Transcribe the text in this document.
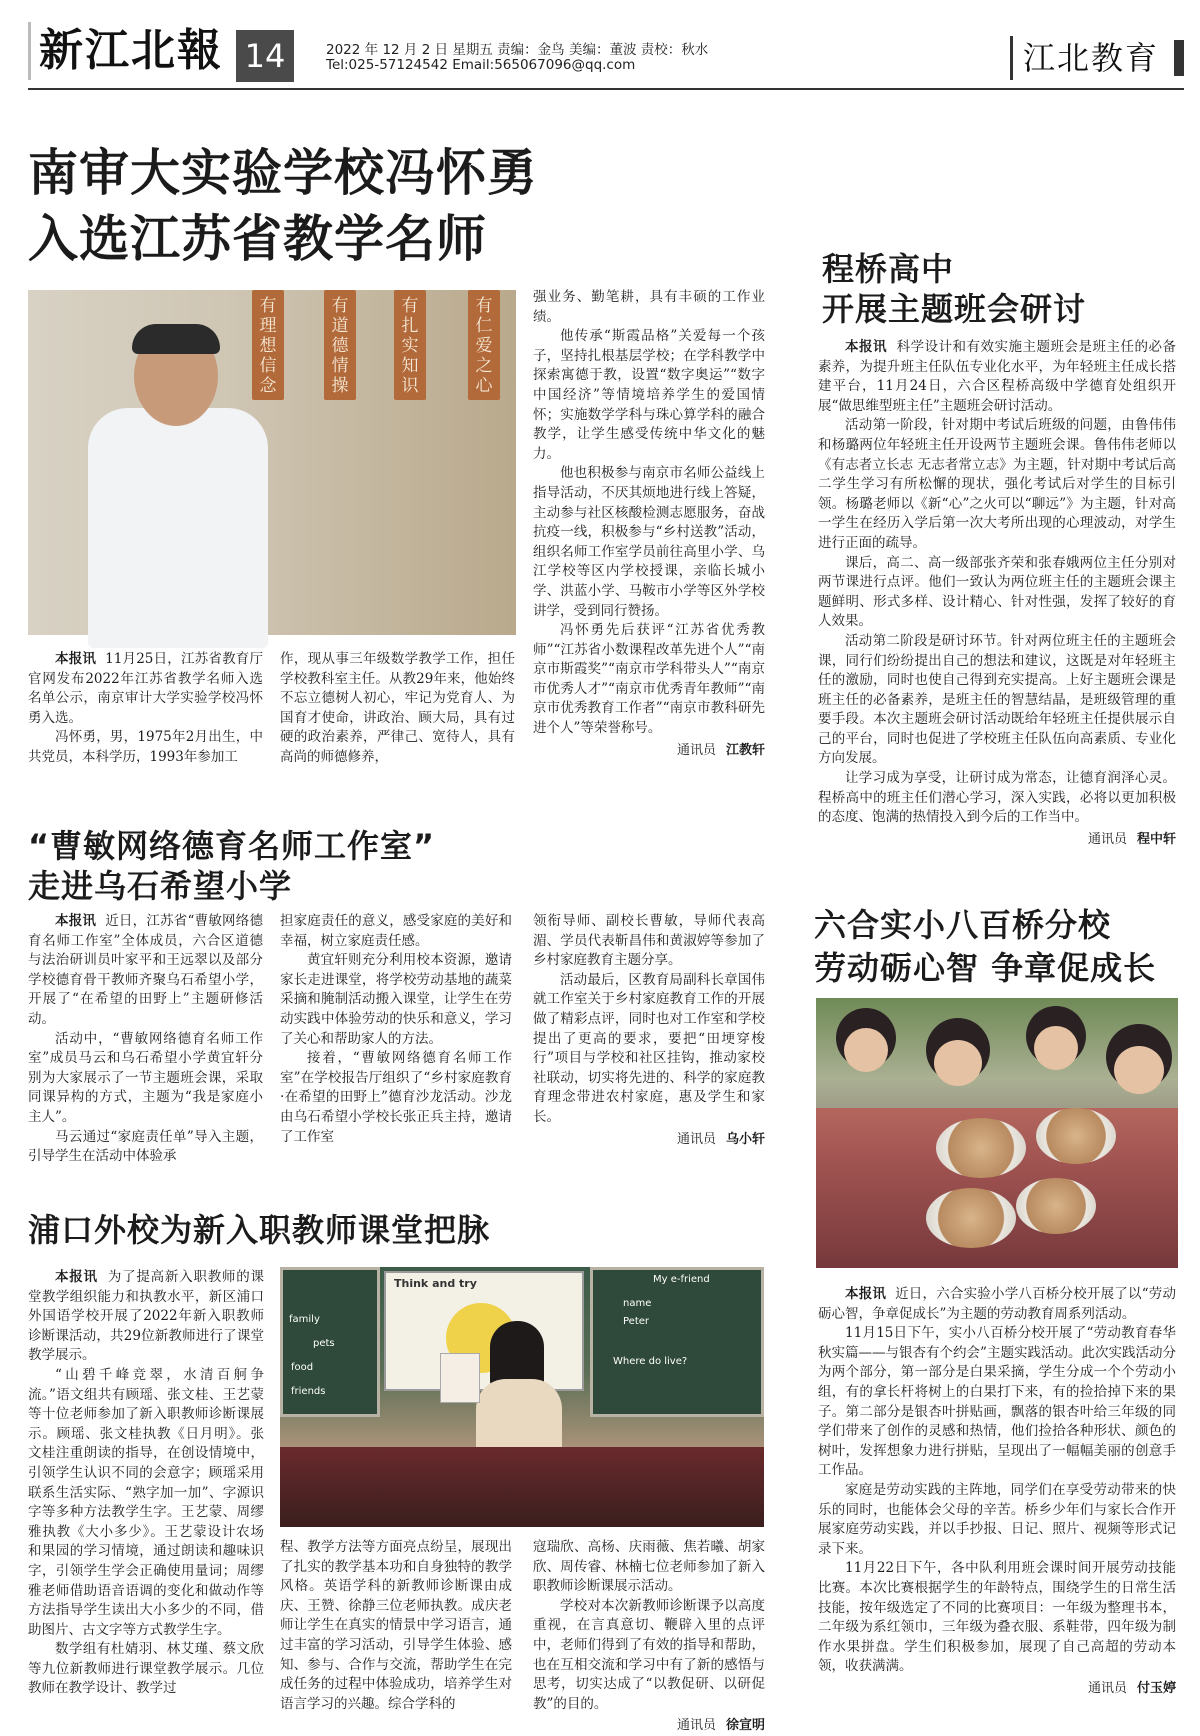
新江北報 14	2022 年 12 月 2 日 星期五 责编：金鸟 美编：董波 责校：秋水
Tel:025-57124542 Email:565067096@qq.com	江北教育
南审大实验学校冯怀勇
入选江苏省教学名师
有理想信念
有道德情操
有扎实知识
有仁爱之心

本报讯 11月25日，江苏省教育厅官网发布2022年江苏省教学名师入选名单公示，南京审计大学实验学校冯怀勇入选。

冯怀勇，男，1975年2月出生，中共党员，本科学历，1993年参加工

作，现从事三年级数学教学工作，担任学校教科室主任。从教29年来，他始终不忘立德树人初心，牢记为党育人、为国育才使命，讲政治、顾大局，具有过硬的政治素养，严律己、宽待人，具有高尚的师德修养，

强业务、勤笔耕，具有丰硕的工作业绩。

他传承“斯霞品格”关爱每一个孩子，坚持扎根基层学校；在学科教学中探索寓德于教，设置“数字奥运”“数字中国经济”等情境培养学生的爱国情怀；实施数学学科与珠心算学科的融合教学，让学生感受传统中华文化的魅力。

他也积极参与南京市名师公益线上指导活动，不厌其烦地进行线上答疑，主动参与社区核酸检测志愿服务，奋战抗疫一线，积极参与“乡村送教”活动，组织名师工作室学员前往高里小学、乌江学校等区内学校授课，亲临长城小学、洪蓝小学、马鞍市小学等区外学校讲学，受到同行赞扬。

冯怀勇先后获评“江苏省优秀教师”“江苏省小数课程改革先进个人”“南京市斯霞奖”“南京市学科带头人”“南京市优秀人才”“南京市优秀青年教师”“南京市优秀教育工作者”“南京市教科研先进个人”等荣誉称号。

通讯员 江教轩
程桥高中
开展主题班会研讨

本报讯 科学设计和有效实施主题班会是班主任的必备素养，为提升班主任队伍专业化水平，为年轻班主任成长搭建平台，11月24日，六合区程桥高级中学德育处组织开展“做思维型班主任”主题班会研讨活动。

活动第一阶段，针对期中考试后班级的问题，由鲁伟伟和杨璐两位年轻班主任开设两节主题班会课。鲁伟伟老师以《有志者立长志 无志者常立志》为主题，针对期中考试后高二学生学习有所松懈的现状，强化考试后对学生的目标引领。杨璐老师以《新“心”之火可以“聊远”》为主题，针对高一学生在经历入学后第一次大考所出现的心理波动，对学生进行正面的疏导。

课后，高二、高一级部张齐荣和张春娥两位主任分别对两节课进行点评。他们一致认为两位班主任的主题班会课主题鲜明、形式多样、设计精心、针对性强，发挥了较好的育人效果。

活动第二阶段是研讨环节。针对两位班主任的主题班会课，同行们纷纷提出自己的想法和建议，这既是对年轻班主任的激励，同时也使自己得到充实提高。上好主题班会课是班主任的必备素养，是班主任的智慧结晶，是班级管理的重要手段。本次主题班会研讨活动既给年轻班主任提供展示自己的平台，同时也促进了学校班主任队伍向高素质、专业化方向发展。

让学习成为享受，让研讨成为常态，让德育润泽心灵。程桥高中的班主任们潜心学习，深入实践，必将以更加积极的态度、饱满的热情投入到今后的工作当中。

通讯员 程中轩
“曹敏网络德育名师工作室”
走进乌石希望小学

本报讯 近日，江苏省“曹敏网络德育名师工作室”全体成员，六合区道德与法治研训员叶家平和王远翠以及部分学校德育骨干教师齐聚乌石希望小学，开展了“在希望的田野上”主题研修活动。

活动中，“曹敏网络德育名师工作室”成员马云和乌石希望小学黄宜轩分别为大家展示了一节主题班会课，采取同课异构的方式，主题为“我是家庭小主人”。

马云通过“家庭责任单”导入主题，引导学生在活动中体验承

担家庭责任的意义，感受家庭的美好和幸福，树立家庭责任感。

黄宜轩则充分利用校本资源，邀请家长走进课堂，将学校劳动基地的蔬菜采摘和腌制活动搬入课堂，让学生在劳动实践中体验劳动的快乐和意义，学习了关心和帮助家人的方法。

接着，“曹敏网络德育名师工作室”在学校报告厅组织了“乡村家庭教育·在希望的田野上”德育沙龙活动。沙龙由乌石希望小学校长张正兵主持，邀请了工作室

领衔导师、副校长曹敏，导师代表高湄、学员代表靳昌伟和黄淑婷等参加了乡村家庭教育主题分享。

活动最后，区教育局副科长章国伟就工作室关于乡村家庭教育工作的开展做了精彩点评，同时也对工作室和学校提出了更高的要求，要把“田埂穿梭行”项目与学校和社区挂钩，推动家校社联动，切实将先进的、科学的家庭教育理念带进农村家庭，惠及学生和家长。

通讯员 乌小轩
六合实小八百桥分校
劳动砺心智 争章促成长

本报讯 近日，六合实验小学八百桥分校开展了以“劳动砺心智，争章促成长”为主题的劳动教育周系列活动。

11月15日下午，实小八百桥分校开展了“劳动教育春华秋实篇——与银杏有个约会”主题实践活动。此次实践活动分为两个部分，第一部分是白果采摘，学生分成一个个劳动小组，有的拿长杆将树上的白果打下来，有的捡拾掉下来的果子。第二部分是银杏叶拼贴画，飘落的银杏叶给三年级的同学们带来了创作的灵感和热情，他们捡拾各种形状、颜色的树叶，发挥想象力进行拼贴，呈现出了一幅幅美丽的创意手工作品。

家庭是劳动实践的主阵地，同学们在享受劳动带来的快乐的同时，也能体会父母的辛苦。桥乡少年们与家长合作开展家庭劳动实践，并以手抄报、日记、照片、视频等形式记录下来。

11月22日下午，各中队利用班会课时间开展劳动技能比赛。本次比赛根据学生的年龄特点，围绕学生的日常生活技能，按年级选定了不同的比赛项目：一年级为整理书本，二年级为系红领巾，三年级为叠衣服、系鞋带，四年级为制作水果拼盘。学生们积极参加，展现了自己高超的劳动本领，收获满满。

通讯员 付玉婷
浦口外校为新入职教师课堂把脉
family
pets
food
friends
Think and try	My e-friend
name
Peter
Where do live?

本报讯 为了提高新入职教师的课堂教学组织能力和执教水平，新区浦口外国语学校开展了2022年新入职教师诊断课活动，共29位新教师进行了课堂教学展示。

“山碧千峰竞翠，水清百舸争流。”语文组共有顾瑶、张文桂、王艺蒙等十位老师参加了新入职教师诊断课展示。顾瑶、张文桂执教《日月明》。张文桂注重朗读的指导，在创设情境中，引领学生认识不同的会意字；顾瑶采用联系生活实际、“熟字加一加”、字源识字等多种方法教学生字。王艺蒙、周缪雅执教《大小多少》。王艺蒙设计农场和果园的学习情境，通过朗读和趣味识字，引领学生学会正确使用量词；周缪雅老师借助语音语调的变化和做动作等方法指导学生读出大小多少的不同，借助图片、古文字等方式教学生字。

数学组有杜婧羽、林艾瑾、蔡文欣等九位新教师进行课堂教学展示。几位教师在教学设计、教学过

程、教学方法等方面亮点纷呈，展现出了扎实的教学基本功和自身独特的教学风格。英语学科的新教师诊断课由成庆、王赞、徐静三位老师执教。成庆老师让学生在真实的情景中学习语言，通过丰富的学习活动，引导学生体验、感知、参与、合作与交流，帮助学生在完成任务的过程中体验成功，培养学生对语言学习的兴趣。综合学科的

寇瑞欣、高杨、庆雨薇、焦若曦、胡家欣、周传睿、林楠七位老师参加了新入职教师诊断课展示活动。

学校对本次新教师诊断课予以高度重视，在言真意切、鞭辟入里的点评中，老师们得到了有效的指导和帮助，也在互相交流和学习中有了新的感悟与思考，切实达成了“以教促研、以研促教”的目的。

通讯员 徐宣明
